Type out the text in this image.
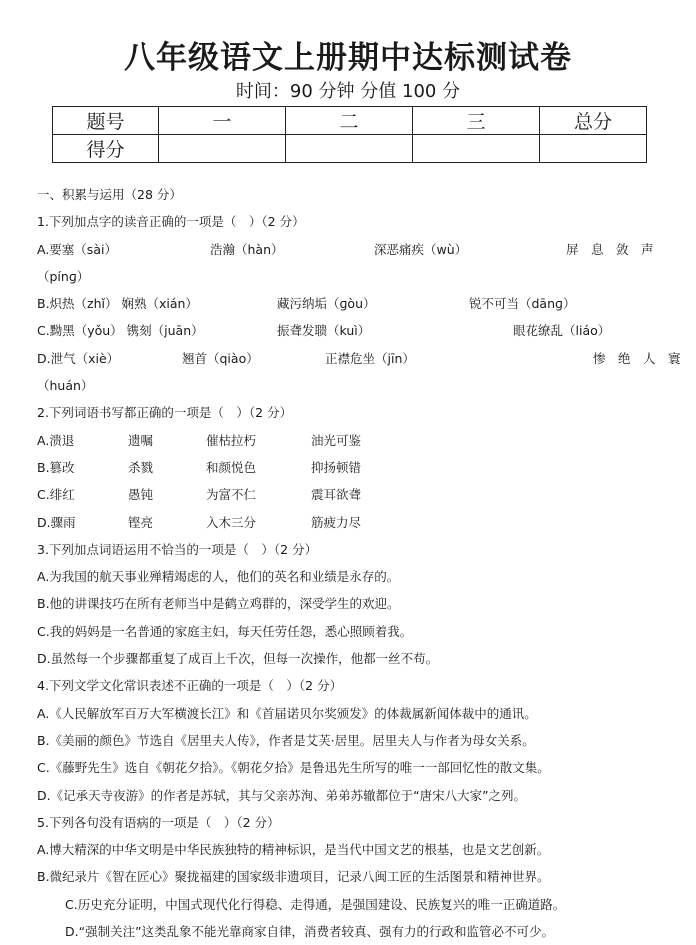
八年级语文上册期中达标测试卷
时间：90 分钟 分值 100 分
题号	一	二	三	总分
得分				
一、积累与运用（28 分）
1.下列加点字的读音正确的一项是（　）（2 分）
A.要塞（sài）	浩瀚（hàn）	深恶痛疾（wù）	屏　息　敛　声
（pínɡ）
B.炽热（zhǐ） 娴熟（xián）	藏污纳垢（ɡòu）	锐不可当（dānɡ）
C.黝黑（yǒu） 镌刻（juān）	振聋发聩（kuì）	眼花缭乱（liáo）
D.泄气（xiè）	翘首（qiào）	正襟危坐（jīn）	惨　绝　人　寰
（huán）
2.下列词语书写都正确的一项是（　）（2 分）
A.溃退	遗嘱	催枯拉朽	油光可鉴
B.篡改	杀戮	和颜悦色	抑扬顿错
C.绯红	愚钝	为富不仁	震耳欲聋
D.骤雨	铿亮	入木三分	筋疲力尽
3.下列加点词语运用不恰当的一项是（　）（2 分）
A.为我国的航天事业殚精竭虑的人，他们的英名和业绩是永存的。
B.他的讲课技巧在所有老师当中是鹤立鸡群的，深受学生的欢迎。
C.我的妈妈是一名普通的家庭主妇，每天任劳任怨，悉心照顾着我。
D.虽然每一个步骤都重复了成百上千次，但每一次操作，他都一丝不苟。
4.下列文学文化常识表述不正确的一项是（　）（2 分）
A.《人民解放军百万大军横渡长江》和《首届诺贝尔奖颁发》的体裁属新闻体裁中的通讯。
B.《美丽的颜色》节选自《居里夫人传》，作者是艾芙·居里。居里夫人与作者为母女关系。
C.《藤野先生》选自《朝花夕拾》。《朝花夕拾》是鲁迅先生所写的唯一一部回忆性的散文集。
D.《记承天寺夜游》的作者是苏轼，其与父亲苏洵、弟弟苏辙都位于“唐宋八大家”之列。
5.下列各句没有语病的一项是（　）（2 分）
A.博大精深的中华文明是中华民族独特的精神标识，是当代中国文艺的根基，也是文艺创新。
B.微纪录片《智在匠心》聚拢福建的国家级非遗项目，记录八闽工匠的生活图景和精神世界。
C.历史充分证明，中国式现代化行得稳、走得通，是强国建设、民族复兴的唯一正确道路。
D.“强制关注”这类乱象不能光靠商家自律，消费者较真、强有力的行政和监管必不可少。
